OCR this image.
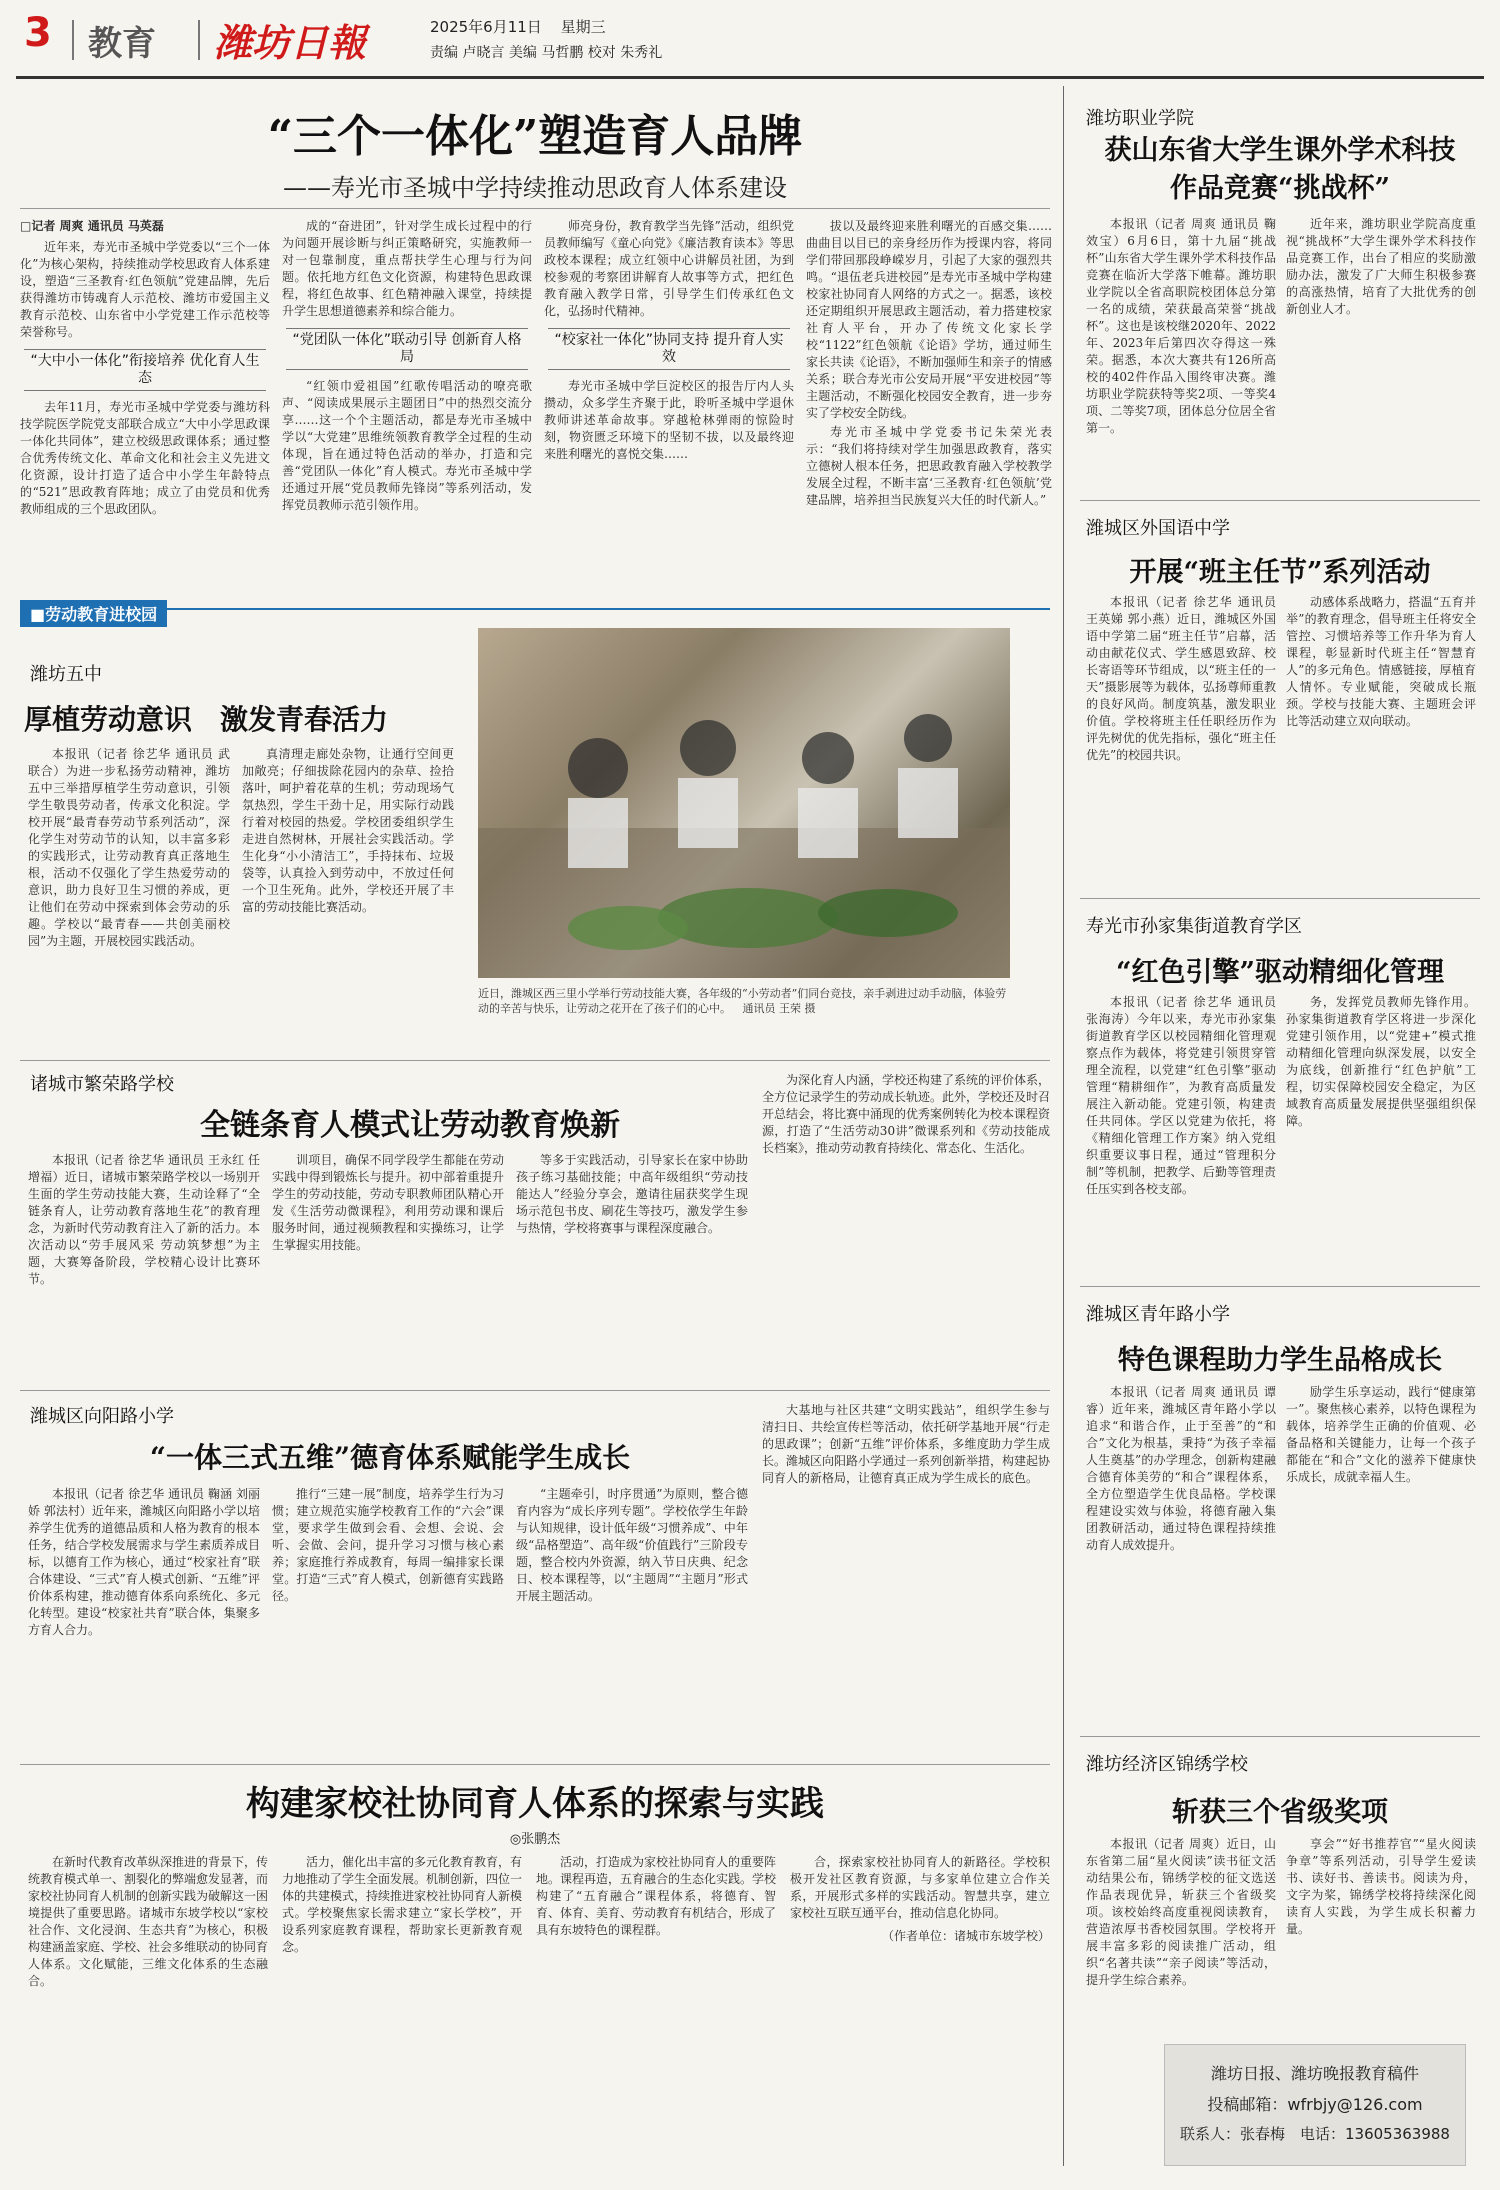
3 教育 潍坊日報	2025年6月11日 星期三
责编 卢晓言 美编 马哲鹏 校对 朱秀礼
“三个一体化”塑造育人品牌
——寿光市圣城中学持续推动思政育人体系建设
□记者 周爽 通讯员 马英磊

近年来，寿光市圣城中学党委以“三个一体化”为核心架构，持续推动学校思政育人体系建设，塑造“三圣教育·红色领航”党建品牌，先后获得潍坊市铸魂育人示范校、潍坊市爱国主义教育示范校、山东省中小学党建工作示范校等荣誉称号。

“大中小一体化”衔接培养 优化育人生态

去年11月，寿光市圣城中学党委与潍坊科技学院医学院党支部联合成立“大中小学思政课一体化共同体”，建立校级思政课体系；通过整合优秀传统文化、革命文化和社会主义先进文化资源，设计打造了适合中小学生年龄特点的“521”思政教育阵地；成立了由党员和优秀教师组成的三个思政团队。

成的“奋进团”，针对学生成长过程中的行为问题开展诊断与纠正策略研究，实施教师一对一包靠制度，重点帮扶学生心理与行为问题。依托地方红色文化资源，构建特色思政课程，将红色故事、红色精神融入课堂，持续提升学生思想道德素养和综合能力。

“党团队一体化”联动引导 创新育人格局

“红领巾爱祖国”红歌传唱活动的嘹亮歌声、“阅读成果展示主题团日”中的热烈交流分享……这一个个主题活动，都是寿光市圣城中学以“大党建”思维统领教育教学全过程的生动体现，旨在通过特色活动的举办，打造和完善“党团队一体化”育人模式。寿光市圣城中学还通过开展“党员教师先锋岗”等系列活动，发挥党员教师示范引领作用。

师亮身份，教育教学当先锋”活动，组织党员教师编写《童心向党》《廉洁教育读本》等思政校本课程；成立红领中心讲解员社团，为到校参观的考察团讲解育人故事等方式，把红色教育融入教学日常，引导学生们传承红色文化，弘扬时代精神。

“校家社一体化”协同支持 提升育人实效

寿光市圣城中学巨淀校区的报告厅内人头攒动，众多学生齐聚于此，聆听圣城中学退休教师讲述革命故事。穿越枪林弹雨的惊险时刻，物资匮乏环境下的坚韧不拔，以及最终迎来胜利曙光的喜悦交集……

拔以及最终迎来胜利曙光的百感交集……曲曲目以目已的亲身经历作为授课内容，将同学们带回那段峥嵘岁月，引起了大家的强烈共鸣。“退伍老兵进校园”是寿光市圣城中学构建校家社协同育人网络的方式之一。据悉，该校还定期组织开展思政主题活动，着力搭建校家社育人平台，开办了传统文化家长学校“1122”红色领航《论语》学坊，通过师生家长共读《论语》，不断加强师生和亲子的情感关系；联合寿光市公安局开展“平安进校园”等主题活动，不断强化校园安全教育，进一步夯实了学校安全防线。

寿光市圣城中学党委书记朱荣光表示：“我们将持续对学生加强思政教育，落实立德树人根本任务，把思政教育融入学校教学发展全过程，不断丰富‘三圣教育·红色领航’党建品牌，培养担当民族复兴大任的时代新人。”

■劳动教育进校园
潍坊五中
厚植劳动意识　激发青春活力

本报讯（记者 徐艺华 通讯员 武联合）为进一步私扬劳动精神，潍坊五中三举措厚植学生劳动意识，引领学生敬畏劳动者，传承文化积淀。学校开展“最青春劳动节系列活动”，深化学生对劳动节的认知，以丰富多彩的实践形式，让劳动教育真正落地生根，活动不仅强化了学生热爱劳动的意识，助力良好卫生习惯的养成，更让他们在劳动中探索到体会劳动的乐趣。学校以“最青春——共创美丽校园”为主题，开展校园实践活动。

真清理走廊处杂物，让通行空间更加敞亮；仔细拔除花园内的杂草、捡拾落叶，呵护着花草的生机；劳动现场气氛热烈，学生干劲十足，用实际行动践行着对校园的热爱。学校团委组织学生走进自然树林，开展社会实践活动。学生化身“小小清洁工”，手持抹布、垃圾袋等，认真捡入到劳动中，不放过任何一个卫生死角。此外，学校还开展了丰富的劳动技能比赛活动。

近日，潍城区西三里小学举行劳动技能大赛，各年级的“小劳动者”们同台竞技，亲手剥进过动手动脑，体验劳动的辛苦与快乐，让劳动之花开在了孩子们的心中。 通讯员 王荣 摄
诸城市繁荣路学校
全链条育人模式让劳动教育焕新

本报讯（记者 徐艺华 通讯员 王永红 任增福）近日，诸城市繁荣路学校以一场别开生面的学生劳动技能大赛，生动诠释了“全链条育人，让劳动教育落地生花”的教育理念，为新时代劳动教育注入了新的活力。本次活动以“劳手展风采 劳动筑梦想”为主题，大赛筹备阶段，学校精心设计比赛环节。

训项目，确保不同学段学生都能在劳动实践中得到锻炼长与提升。初中部着重提升学生的劳动技能，劳动专职教师团队精心开发《生活劳动微课程》，利用劳动课和课后服务时间，通过视频教程和实操练习，让学生掌握实用技能。

等多于实践活动，引导家长在家中协助孩子练习基础技能；中高年级组织“劳动技能达人”经验分享会，邀请往届获奖学生现场示范包书皮、刷花生等技巧，激发学生参与热情，学校将赛事与课程深度融合。

为深化育人内涵，学校还构建了系统的评价体系，全方位记录学生的劳动成长轨迹。此外，学校还及时召开总结会，将比赛中涌现的优秀案例转化为校本课程资源，打造了“生活劳动30讲”微课系列和《劳动技能成长档案》，推动劳动教育持续化、常态化、生活化。

潍城区向阳路小学
“一体三式五维”德育体系赋能学生成长

本报讯（记者 徐艺华 通讯员 鞠涵 刘丽娇 郭法村）近年来，潍城区向阳路小学以培养学生优秀的道德品质和人格为教育的根本任务，结合学校发展需求与学生素质养成目标，以德育工作为核心，通过“校家社育”联合体建设、“三式”育人模式创新、“五维”评价体系构建，推动德育体系向系统化、多元化转型。建设“校家社共育”联合体，集聚多方育人合力。

推行“三建一展”制度，培养学生行为习惯；建立规范实施学校教育工作的“六会”课堂，要求学生做到会看、会想、会说、会听、会做、会问，提升学习习惯与核心素养；家庭推行养成教育，每周一编排家长课堂。打造“三式”育人模式，创新德育实践路径。

“主题牵引，时序贯通”为原则，整合德育内容为“成长序列专题”。学校依学生年龄与认知规律，设计低年级“习惯养成”、中年级“品格塑造”、高年级“价值践行”三阶段专题，整合校内外资源，纳入节日庆典、纪念日、校本课程等，以“主题周”“主题月”形式开展主题活动。

大基地与社区共建“文明实践站”，组织学生参与清扫日、共绘宣传栏等活动，依托研学基地开展“行走的思政课”；创新“五维”评价体系，多维度助力学生成长。潍城区向阳路小学通过一系列创新举措，构建起协同育人的新格局，让德育真正成为学生成长的底色。

构建家校社协同育人体系的探索与实践
◎张鹏杰

在新时代教育改革纵深推进的背景下，传统教育模式单一、割裂化的弊端愈发显著，而家校社协同育人机制的创新实践为破解这一困境提供了重要思路。诸城市东坡学校以“家校社合作、文化浸润、生态共育”为核心，积极构建涵盖家庭、学校、社会多维联动的协同育人体系。文化赋能，三维文化体系的生态融合。

活力，催化出丰富的多元化教育教育，有力地推动了学生全面发展。机制创新，四位一体的共建模式，持续推进家校社协同育人新模式。学校聚焦家长需求建立“家长学校”，开设系列家庭教育课程，帮助家长更新教育观念。

活动，打造成为家校社协同育人的重要阵地。课程再造，五育融合的生态化实践。学校构建了“五育融合”课程体系，将德育、智育、体育、美育、劳动教育有机结合，形成了具有东坡特色的课程群。

合，探索家校社协同育人的新路径。学校积极开发社区教育资源，与多家单位建立合作关系，开展形式多样的实践活动。智慧共享，建立家校社互联互通平台，推动信息化协同。

（作者单位：诸城市东坡学校）
潍坊职业学院
获山东省大学生课外学术科技作品竞赛“挑战杯”

本报讯（记者 周爽 通讯员 鞠效宝）6月6日，第十九届“挑战杯”山东省大学生课外学术科技作品竞赛在临沂大学落下帷幕。潍坊职业学院以全省高职院校团体总分第一名的成绩，荣获最高荣誉“挑战杯”。这也是该校继2020年、2022年、2023年后第四次夺得这一殊荣。据悉，本次大赛共有126所高校的402件作品入围终审决赛。潍坊职业学院获特等奖2项、一等奖4项、二等奖7项，团体总分位居全省第一。

近年来，潍坊职业学院高度重视“挑战杯”大学生课外学术科技作品竞赛工作，出台了相应的奖励激励办法，激发了广大师生积极参赛的高涨热情，培育了大批优秀的创新创业人才。

潍城区外国语中学
开展“班主任节”系列活动

本报讯（记者 徐艺华 通讯员 王英娣 郭小燕）近日，潍城区外国语中学第二届“班主任节”启幕，活动由献花仪式、学生感恩致辞、校长寄语等环节组成，以“班主任的一天”摄影展等为载体，弘扬尊师重教的良好风尚。制度筑基，激发职业价值。学校将班主任任职经历作为评先树优的优先指标，强化“班主任优先”的校园共识。

动感体系战略力，搭温“五育并举”的教育理念，倡导班主任将安全管控、习惯培养等工作升华为育人课程，彰显新时代班主任“智慧育人”的多元角色。情感链接，厚植育人情怀。专业赋能，突破成长瓶颈。学校与技能大赛、主题班会评比等活动建立双向联动。

寿光市孙家集街道教育学区
“红色引擎”驱动精细化管理

本报讯（记者 徐艺华 通讯员 张海涛）今年以来，寿光市孙家集街道教育学区以校园精细化管理观察点作为载体，将党建引领贯穿管理全流程，以党建“红色引擎”驱动管理“精耕细作”，为教育高质量发展注入新动能。党建引领，构建责任共同体。学区以党建为依托，将《精细化管理工作方案》纳入党组织重要议事日程，通过“管理积分制”等机制，把教学、后勤等管理责任压实到各校支部。

务，发挥党员教师先锋作用。孙家集街道教育学区将进一步深化党建引领作用，以“党建+”模式推动精细化管理向纵深发展，以安全为底线，创新推行“红色护航”工程，切实保障校园安全稳定，为区域教育高质量发展提供坚强组织保障。

潍城区青年路小学
特色课程助力学生品格成长

本报讯（记者 周爽 通讯员 谭睿）近年来，潍城区青年路小学以追求“和谐合作，止于至善”的“和合”文化为根基，秉持“为孩子幸福人生奠基”的办学理念，创新构建融合德育体美劳的“和合”课程体系，全方位塑造学生优良品格。学校课程建设实效与体验，将德育融入集团教研活动，通过特色课程持续推动育人成效提升。

励学生乐享运动，践行“健康第一”。聚焦核心素养，以特色课程为载体，培养学生正确的价值观、必备品格和关键能力，让每一个孩子都能在“和合”文化的滋养下健康快乐成长，成就幸福人生。

潍坊经济区锦绣学校
斩获三个省级奖项

本报讯（记者 周爽）近日，山东省第二届“星火阅读”读书征文活动结果公布，锦绣学校的征文选送作品表现优异，斩获三个省级奖项。该校始终高度重视阅读教育，营造浓厚书香校园氛围。学校将开展丰富多彩的阅读推广活动，组织“名著共读”“亲子阅读”等活动，提升学生综合素养。

享会”“好书推荐官”“星火阅读争章”等系列活动，引导学生爱读书、读好书、善读书。阅读为舟，文字为桨，锦绣学校将持续深化阅读育人实践，为学生成长积蓄力量。

潍坊日报、潍坊晚报教育稿件
投稿邮箱：wfrbjy@126.com
联系人：张春梅　电话：13605363988
